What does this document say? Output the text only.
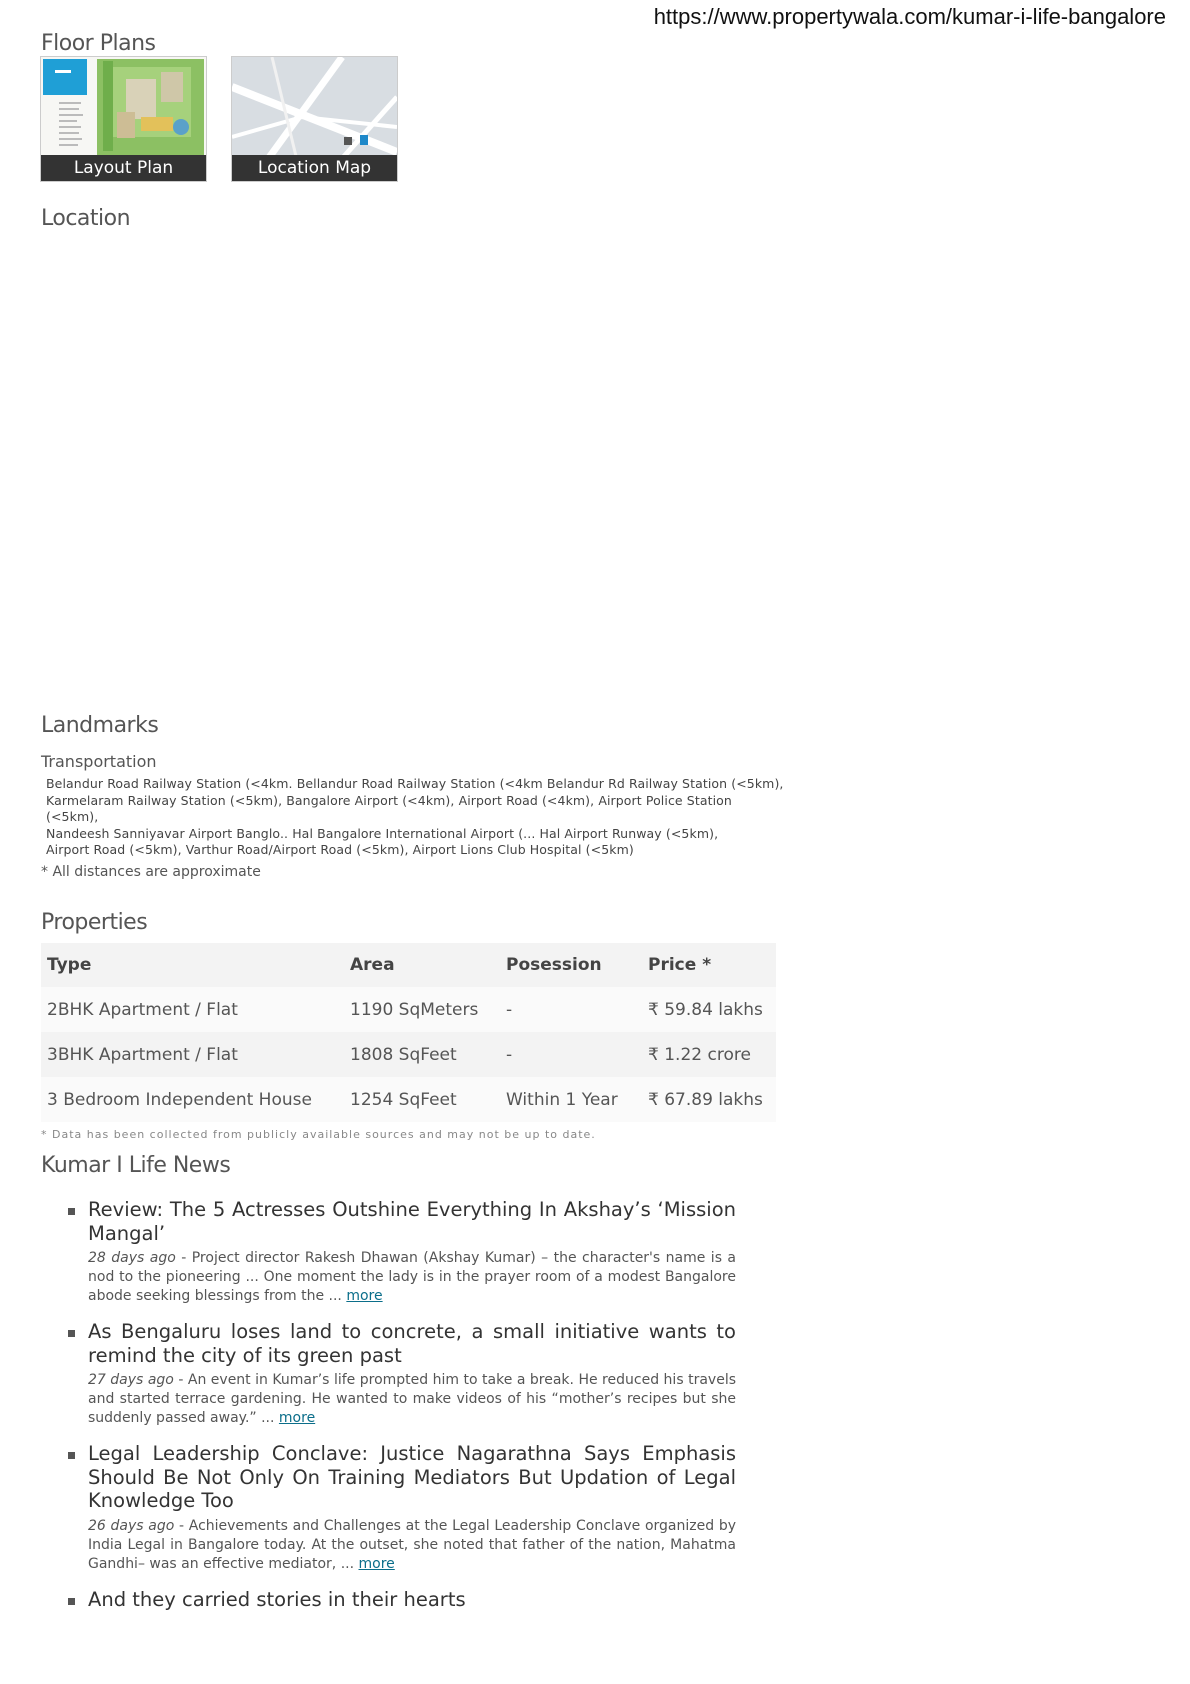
https://www.propertywala.com/kumar-i-life-bangalore
Floor Plans
Layout Plan	Location Map
Location
Landmarks
Transportation
Belandur Road Railway Station (<4km. Bellandur Road Railway Station (<4km Belandur Rd Railway Station (<5km),
Karmelaram Railway Station (<5km), Bangalore Airport (<4km), Airport Road (<4km), Airport Police Station (<5km),
Nandeesh Sanniyavar Airport Banglo.. Hal Bangalore International Airport (... Hal Airport Runway (<5km),
Airport Road (<5km), Varthur Road/Airport Road (<5km), Airport Lions Club Hospital (<5km)
* All distances are approximate
Properties
Type	Area	Posession	Price *
2BHK Apartment / Flat	1190 SqMeters	-	₹ 59.84 lakhs
3BHK Apartment / Flat	1808 SqFeet	-	₹ 1.22 crore
3 Bedroom Independent House	1254 SqFeet	Within 1 Year	₹ 67.89 lakhs
* Data has been collected from publicly available sources and may not be up to date.
Kumar I Life News
Review: The 5 Actresses Outshine Everything In Akshay’s ‘Mission Mangal’
28 days ago - Project director Rakesh Dhawan (Akshay Kumar) – the character's name is a nod to the pioneering ... One moment the lady is in the prayer room of a modest Bangalore abode seeking blessings from the ... more
As Bengaluru loses land to concrete, a small initiative wants to remind the city of its green past
27 days ago - An event in Kumar’s life prompted him to take a break. He reduced his travels and started terrace gardening. He wanted to make videos of his “mother’s recipes but she suddenly passed away.” ... more
Legal Leadership Conclave: Justice Nagarathna Says Emphasis Should Be Not Only On Training Mediators But Updation of Legal Knowledge Too
26 days ago - Achievements and Challenges at the Legal Leadership Conclave organized by India Legal in Bangalore today. At the outset, she noted that father of the nation, Mahatma Gandhi– was an effective mediator, ... more
And they carried stories in their hearts
